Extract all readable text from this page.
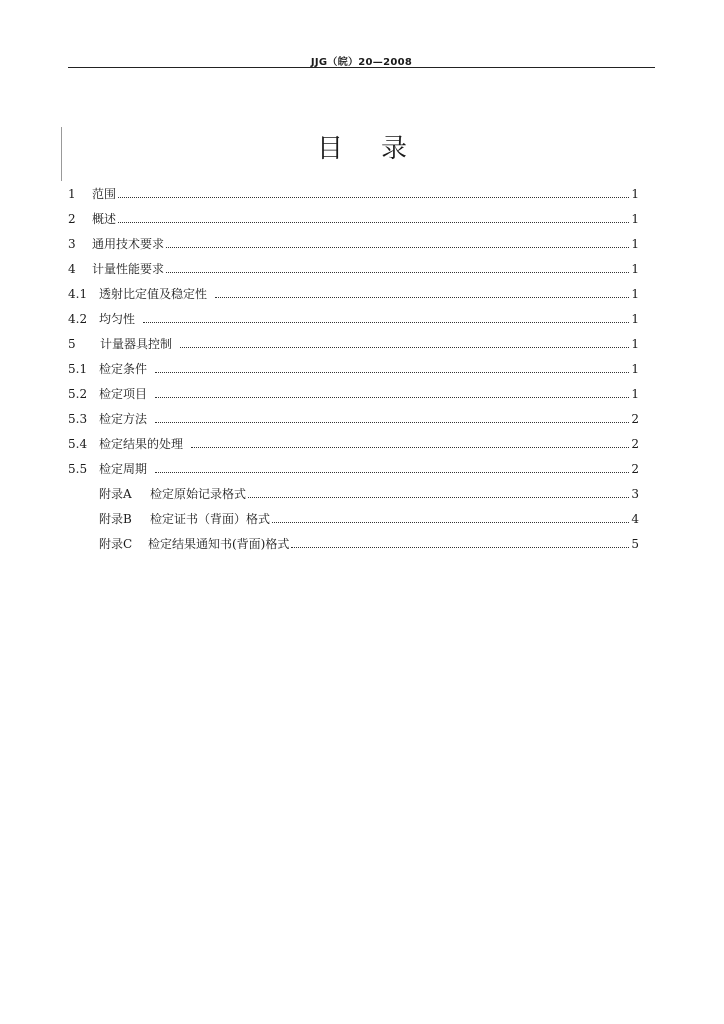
JJG（皖）20—2008
目录
1	范围	1
2	概述	1
3	通用技术要求	1
4	计量性能要求	1
4.1 透射比定值及稳定性	1
4.2 均匀性	1
5	计量器具控制	1
5.1 检定条件	1
5.2 检定项目	1
5.3 检定方法	2
5.4 检定结果的处理	2
5.5 检定周期	2
附录A	检定原始记录格式	3
附录B	检定证书（背面）格式	4
附录C	检定结果通知书(背面)格式	5
